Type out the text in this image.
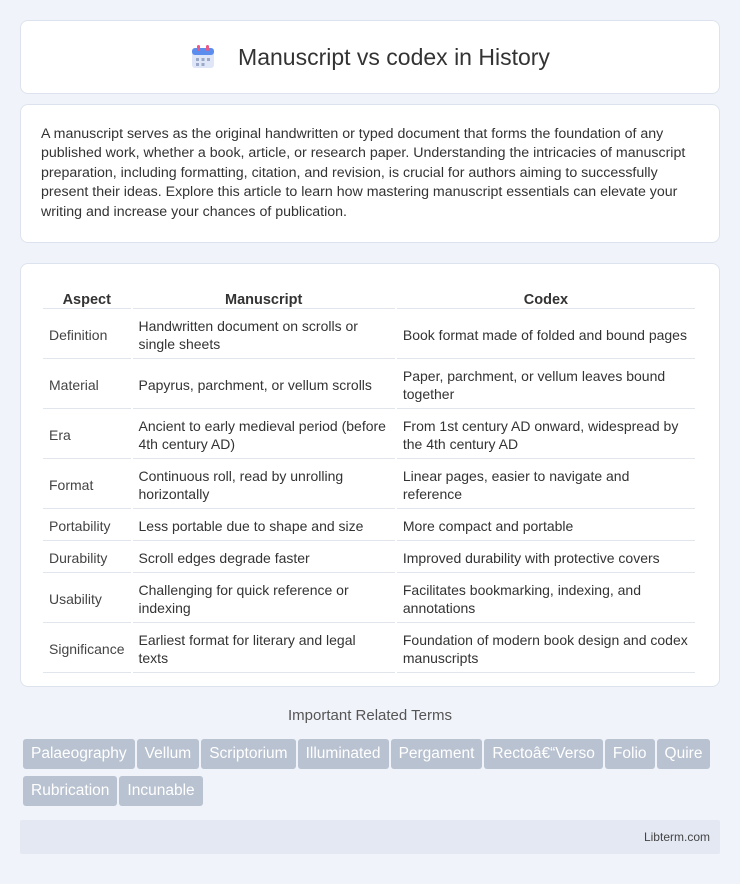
Manuscript vs codex in History

A manuscript serves as the original handwritten or typed document that forms the foundation of any published work, whether a book, article, or research paper. Understanding the intricacies of manuscript preparation, including formatting, citation, and revision, is crucial for authors aiming to successfully present their ideas. Explore this article to learn how mastering manuscript essentials can elevate your writing and increase your chances of publication.

Aspect	Manuscript	Codex
Definition	Handwritten document on scrolls or single sheets	Book format made of folded and bound pages
Material	Papyrus, parchment, or vellum scrolls	Paper, parchment, or vellum leaves bound together
Era	Ancient to early medieval period (before 4th century AD)	From 1st century AD onward, widespread by the 4th century AD
Format	Continuous roll, read by unrolling horizontally	Linear pages, easier to navigate and reference
Portability	Less portable due to shape and size	More compact and portable
Durability	Scroll edges degrade faster	Improved durability with protective covers
Usability	Challenging for quick reference or indexing	Facilitates bookmarking, indexing, and annotations
Significance	Earliest format for literary and legal texts	Foundation of modern book design and codex manuscripts
Important Related Terms
Palaeography	Vellum	Scriptorium	Illuminated	Pergament	Rectoâ€“Verso	Folio	Quire
Rubrication	Incunable
Libterm.com
